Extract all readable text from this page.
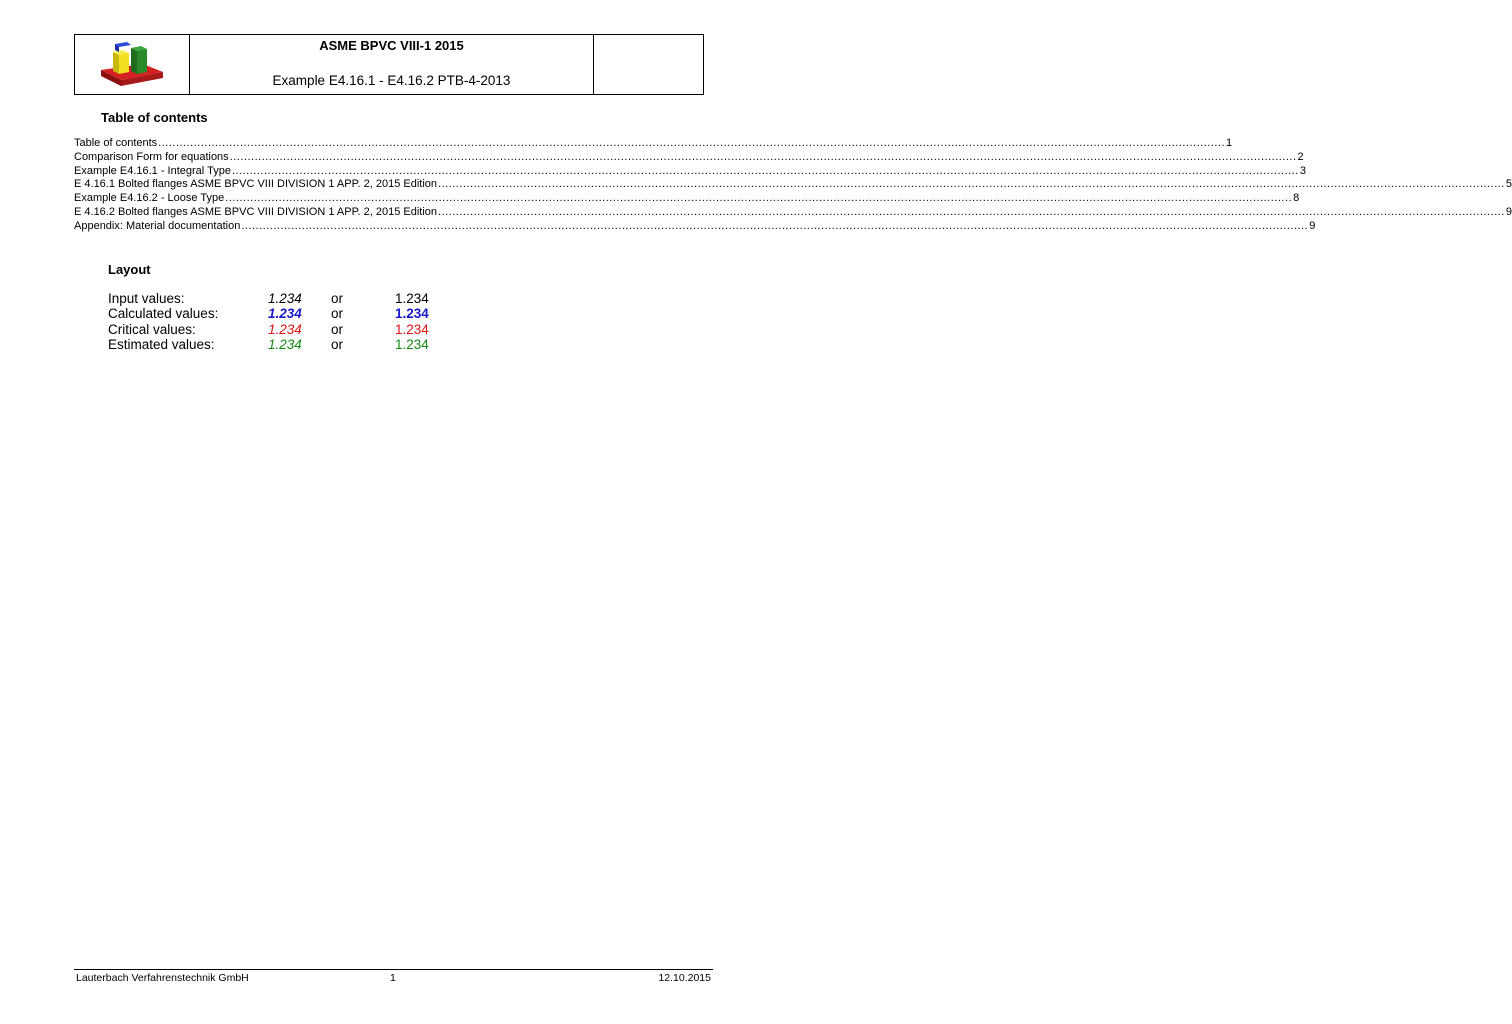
ASME BPVC VIII-1 2015
Example E4.16.1 - E4.16.2 PTB-4-2013
Table of contents
Table of contents ............................................................................................................................................................................................................................................................................................................ 1
Comparison Form for equations ............................................................................................................................................................................................................................................................................................................ 2
Example E4.16.1 - Integral Type ............................................................................................................................................................................................................................................................................................................ 3
E 4.16.1 Bolted flanges ASME BPVC VIII DIVISION 1 APP. 2, 2015 Edition ............................................................................................................................................................................................................................................................................................................ 5
Example E4.16.2 - Loose Type ............................................................................................................................................................................................................................................................................................................ 8
E 4.16.2 Bolted flanges ASME BPVC VIII DIVISION 1 APP. 2, 2015 Edition ............................................................................................................................................................................................................................................................................................................ 9
Appendix: Material documentation ............................................................................................................................................................................................................................................................................................................ 9
Layout
Input values:	1.234 or	1.234
Calculated values:	1.234 or	1.234
Critical values:	1.234 or	1.234
Estimated values:	1.234 or	1.234
Lauterbach Verfahrenstechnik GmbH	1	12.10.2015
